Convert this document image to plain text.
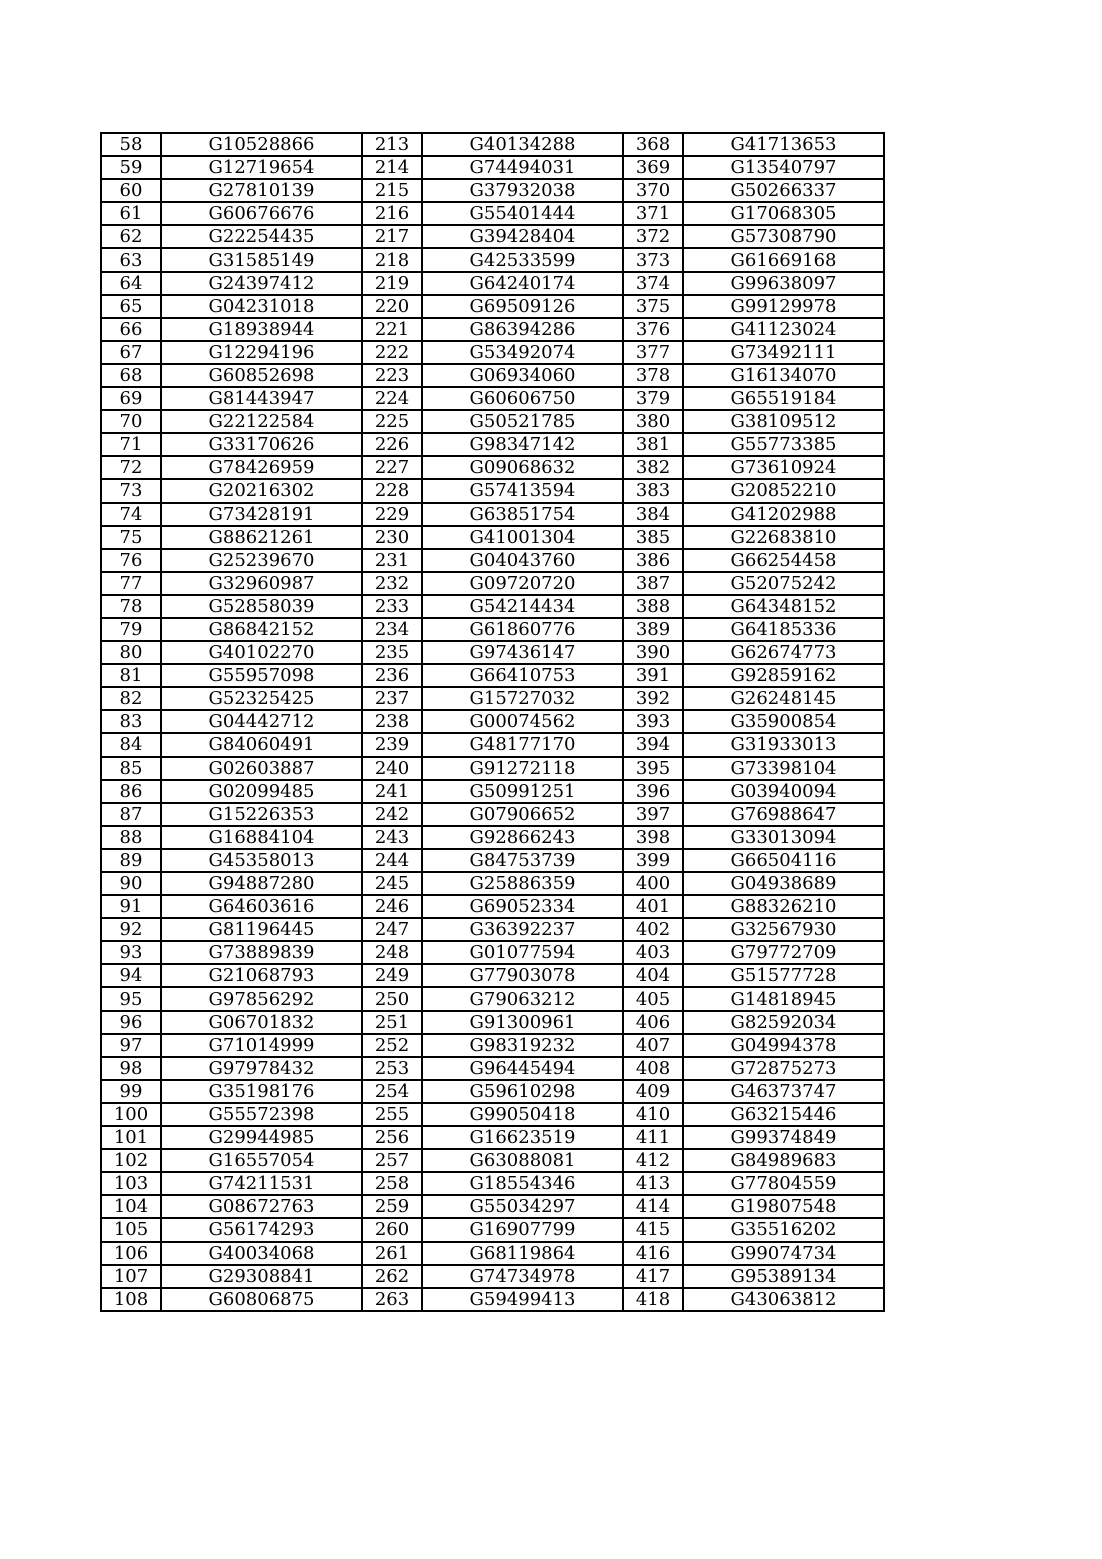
58	G10528866	213	G40134288	368	G41713653
59	G12719654	214	G74494031	369	G13540797
60	G27810139	215	G37932038	370	G50266337
61	G60676676	216	G55401444	371	G17068305
62	G22254435	217	G39428404	372	G57308790
63	G31585149	218	G42533599	373	G61669168
64	G24397412	219	G64240174	374	G99638097
65	G04231018	220	G69509126	375	G99129978
66	G18938944	221	G86394286	376	G41123024
67	G12294196	222	G53492074	377	G73492111
68	G60852698	223	G06934060	378	G16134070
69	G81443947	224	G60606750	379	G65519184
70	G22122584	225	G50521785	380	G38109512
71	G33170626	226	G98347142	381	G55773385
72	G78426959	227	G09068632	382	G73610924
73	G20216302	228	G57413594	383	G20852210
74	G73428191	229	G63851754	384	G41202988
75	G88621261	230	G41001304	385	G22683810
76	G25239670	231	G04043760	386	G66254458
77	G32960987	232	G09720720	387	G52075242
78	G52858039	233	G54214434	388	G64348152
79	G86842152	234	G61860776	389	G64185336
80	G40102270	235	G97436147	390	G62674773
81	G55957098	236	G66410753	391	G92859162
82	G52325425	237	G15727032	392	G26248145
83	G04442712	238	G00074562	393	G35900854
84	G84060491	239	G48177170	394	G31933013
85	G02603887	240	G91272118	395	G73398104
86	G02099485	241	G50991251	396	G03940094
87	G15226353	242	G07906652	397	G76988647
88	G16884104	243	G92866243	398	G33013094
89	G45358013	244	G84753739	399	G66504116
90	G94887280	245	G25886359	400	G04938689
91	G64603616	246	G69052334	401	G88326210
92	G81196445	247	G36392237	402	G32567930
93	G73889839	248	G01077594	403	G79772709
94	G21068793	249	G77903078	404	G51577728
95	G97856292	250	G79063212	405	G14818945
96	G06701832	251	G91300961	406	G82592034
97	G71014999	252	G98319232	407	G04994378
98	G97978432	253	G96445494	408	G72875273
99	G35198176	254	G59610298	409	G46373747
100	G55572398	255	G99050418	410	G63215446
101	G29944985	256	G16623519	411	G99374849
102	G16557054	257	G63088081	412	G84989683
103	G74211531	258	G18554346	413	G77804559
104	G08672763	259	G55034297	414	G19807548
105	G56174293	260	G16907799	415	G35516202
106	G40034068	261	G68119864	416	G99074734
107	G29308841	262	G74734978	417	G95389134
108	G60806875	263	G59499413	418	G43063812
